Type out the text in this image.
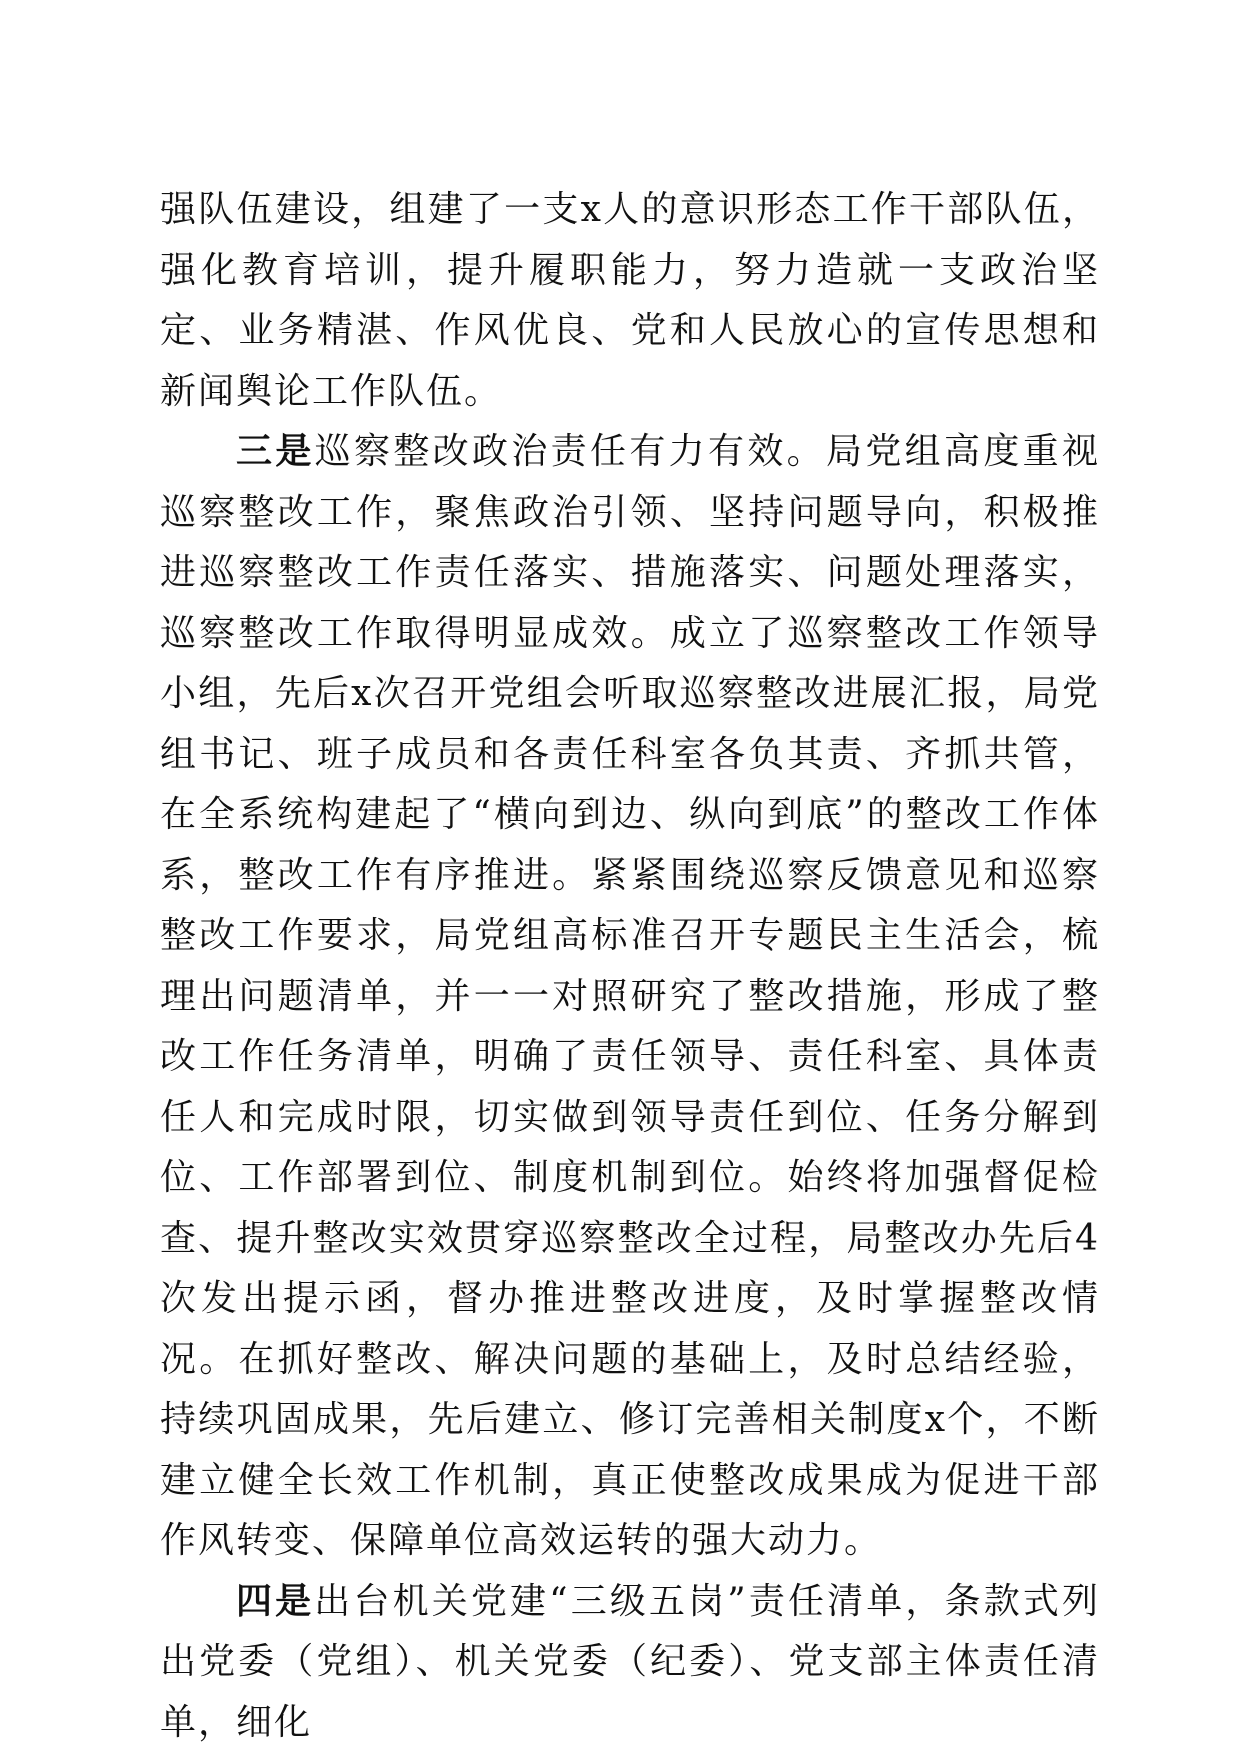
强队伍建设，组建了一支x人的意识形态工作干部队伍，强化教育培训，提升履职能力，努力造就一支政治坚定、业务精湛、作风优良、党和人民放心的宣传思想和新闻舆论工作队伍。

三是巡察整改政治责任有力有效。局党组高度重视巡察整改工作，聚焦政治引领、坚持问题导向，积极推进巡察整改工作责任落实、措施落实、问题处理落实，巡察整改工作取得明显成效。成立了巡察整改工作领导小组，先后x次召开党组会听取巡察整改进展汇报，局党组书记、班子成员和各责任科室各负其责、齐抓共管，在全系统构建起了“横向到边、纵向到底”的整改工作体系，整改工作有序推进。紧紧围绕巡察反馈意见和巡察整改工作要求，局党组高标准召开专题民主生活会，梳理出问题清单，并一一对照研究了整改措施，形成了整改工作任务清单，明确了责任领导、责任科室、具体责任人和完成时限，切实做到领导责任到位、任务分解到位、工作部署到位、制度机制到位。始终将加强督促检查、提升整改实效贯穿巡察整改全过程，局整改办先后4次发出提示函，督办推进整改进度，及时掌握整改情况。在抓好整改、解决问题的基础上，及时总结经验，持续巩固成果，先后建立、修订完善相关制度x个，不断建立健全长效工作机制，真正使整改成果成为促进干部作风转变、保障单位高效运转的强大动力。

四是出台机关党建“三级五岗”责任清单，条款式列出党委（党组）、机关党委（纪委）、党支部主体责任清单，细化
